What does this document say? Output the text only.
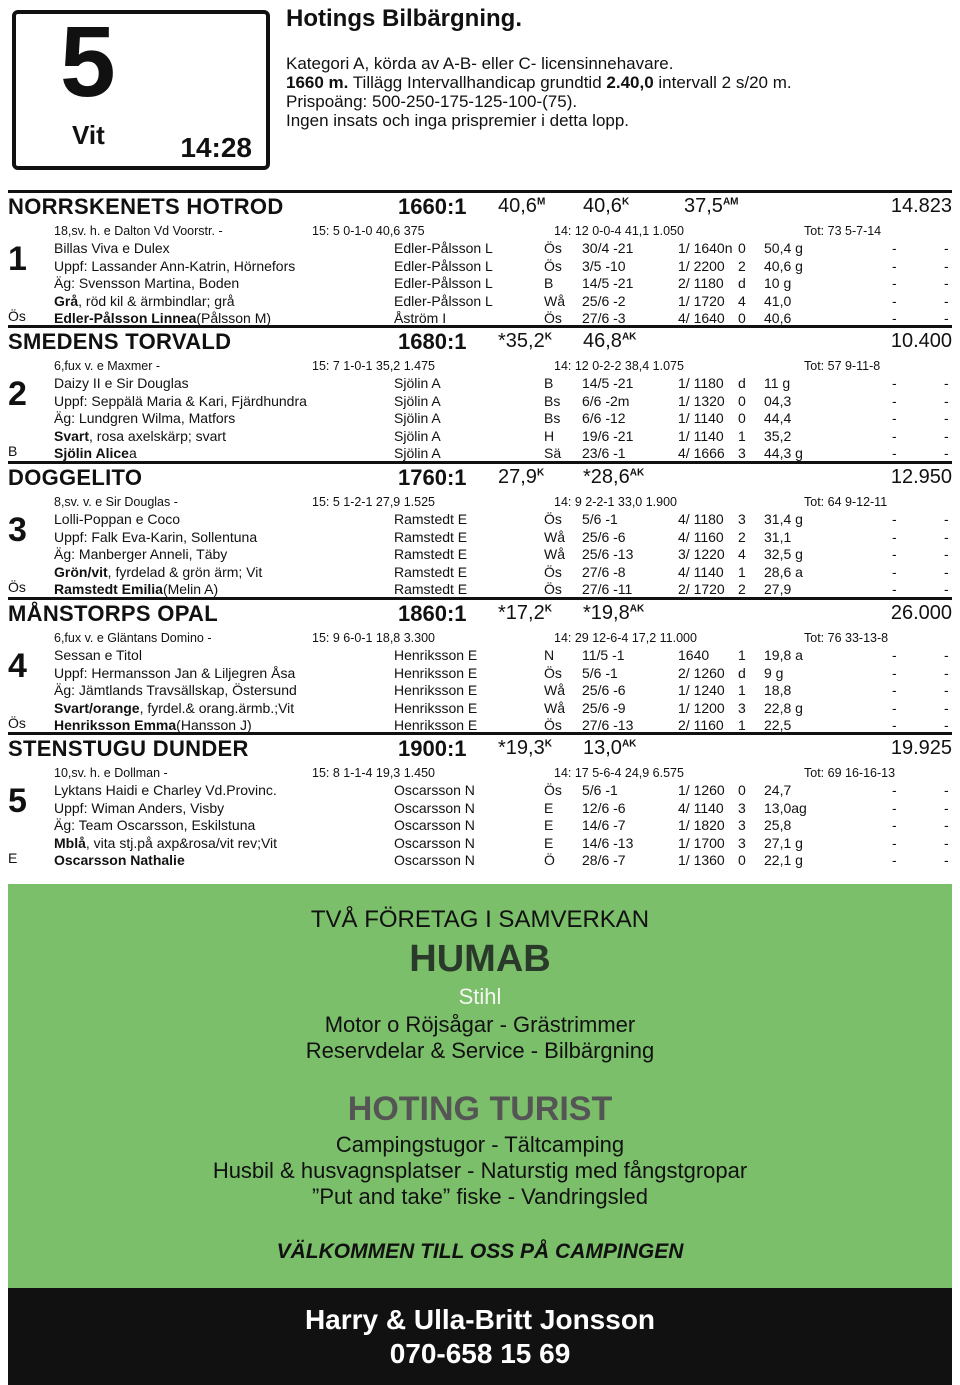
5
Vit	14:28
Hotings Bilbärgning.
Kategori A, körda av A-B- eller C- licensinnehavare.
1660 m. Tillägg Intervallhandicap grundtid 2.40,0 intervall 2 s/20 m.
Prispoäng: 500-250-175-125-100-(75).
Ingen insats och inga prispremier i detta lopp.
NORRSKENETS HOTROD	1660:1 $40,6^M$ $40,6^K$	$37,5^{AM}$	14.823
18,sv. h. e Dalton Vd Voorstr. -	15: 5 0-1-0 40,6 375	14: 12 0-0-4 41,1 1.050	Tot: 73 5-7-14
Billas Viva e Dulex	Edler-Pålsson L	Ös 30/4 -21	1/ 1640n 0 50,4 g	-	-
Uppf: Lassander Ann-Katrin, Hörnefors	Edler-Pålsson L	Ös 3/5 -10	1/ 2200 2 40,6 g	-	-
Äg: Svensson Martina, Boden	Edler-Pålsson L	B 14/5 -21	2/ 1180 d 10 g	-	-
Grå , röd kil & ärmbindlar; grå	Edler-Pålsson L	Wå 25/6 -2	1/ 1720 4 41,0	-	-
Edler-Pålsson Linnea (Pålsson M)	Åström I	Ös 27/6 -3	4/ 1640 0 40,6	-	-
1
Ös
SMEDENS TORVALD	1680:1 $*35,2^K$ $46,8^{AK}$	10.400
6,fux v. e Maxmer -	15: 7 1-0-1 35,2 1.475	14: 12 0-2-2 38,4 1.075	Tot: 57 9-11-8
Daizy II e Sir Douglas	Sjölin A	B 14/5 -21	1/ 1180 d 11 g	-	-
Uppf: Seppälä Maria & Kari, Fjärdhundra	Sjölin A	Bs 6/6 -2m	1/ 1320 0 04,3	-	-
Äg: Lundgren Wilma, Matfors	Sjölin A	Bs 6/6 -12	1/ 1140 0 44,4	-	-
Svart , rosa axelskärp; svart	Sjölin A	H 19/6 -21	1/ 1140 1 35,2	-	-
Sjölin Alice a	Sjölin A	Sä 23/6 -1	4/ 1666 3 44,3 g	-	-
2
B
DOGGELITO	1760:1 $27,9^K$ $*28,6^{AK}$	12.950
8,sv. v. e Sir Douglas -	15: 5 1-2-1 27,9 1.525	14: 9 2-2-1 33,0 1.900	Tot: 64 9-12-11
Lolli-Poppan e Coco	Ramstedt E	Ös 5/6 -1	4/ 1180 3 31,4 g	-	-
Uppf: Falk Eva-Karin, Sollentuna	Ramstedt E	Wå 25/6 -6	4/ 1160 2 31,1	-	-
Äg: Manberger Anneli, Täby	Ramstedt E	Wå 25/6 -13	3/ 1220 4 32,5 g	-	-
Grön/vit , fyrdelad & grön ärm; Vit	Ramstedt E	Ös 27/6 -8	4/ 1140 1 28,6 a	-	-
Ramstedt Emilia (Melin A)	Ramstedt E	Ös 27/6 -11	2/ 1720 2 27,9	-	-
3
Ös
MÅNSTORPS OPAL	1860:1 $*17,2^K$ $*19,8^{AK}$	26.000
6,fux v. e Gläntans Domino -	15: 9 6-0-1 18,8 3.300	14: 29 12-6-4 17,2 11.000	Tot: 76 33-13-8
Sessan e Titol	Henriksson E	N 11/5 -1	1640 1 19,8 a	-	-
Uppf: Hermansson Jan & Liljegren Åsa	Henriksson E	Ös 5/6 -1	2/ 1260 d 9 g	-	-
Äg: Jämtlands Travsällskap, Östersund	Henriksson E	Wå 25/6 -6	1/ 1240 1 18,8	-	-
Svart/orange , fyrdel.& orang.ärmb.;Vit	Henriksson E	Wå 25/6 -9	1/ 1200 3 22,8 g	-	-
Henriksson Emma (Hansson J)	Henriksson E	Ös 27/6 -13	2/ 1160 1 22,5	-	-
4
Ös
STENSTUGU DUNDER	1900:1 $*19,3^K$ $13,0^{AK}$	19.925
10,sv. h. e Dollman -	15: 8 1-1-4 19,3 1.450	14: 17 5-6-4 24,9 6.575	Tot: 69 16-16-13
Lyktans Haidi e Charley Vd.Provinc.	Oscarsson N	Ös 5/6 -1	1/ 1260 0 24,7	-	-
Uppf: Wiman Anders, Visby	Oscarsson N	E 12/6 -6	4/ 1140 3 13,0ag	-	-
Äg: Team Oscarsson, Eskilstuna	Oscarsson N	E 14/6 -7	1/ 1820 3 25,8	-	-
Mblå , vita stj.på axp&rosa/vit rev;Vit	Oscarsson N	E 14/6 -13	1/ 1700 3 27,1 g	-	-
Oscarsson Nathalie	Oscarsson N	Ö 28/6 -7	1/ 1360 0 22,1 g	-	-
5
E
TVÅ FÖRETAG I SAMVERKAN
HUMAB
Stihl
Motor o Röjsågar - Grästrimmer
Reservdelar & Service - Bilbärgning
HOTING TURIST
Campingstugor - Tältcamping
Husbil & husvagnsplatser - Naturstig med fångstgropar
”Put and take” fiske - Vandringsled
VÄLKOMMEN TILL OSS PÅ CAMPINGEN
Harry & Ulla-Britt Jonsson
070-658 15 69
